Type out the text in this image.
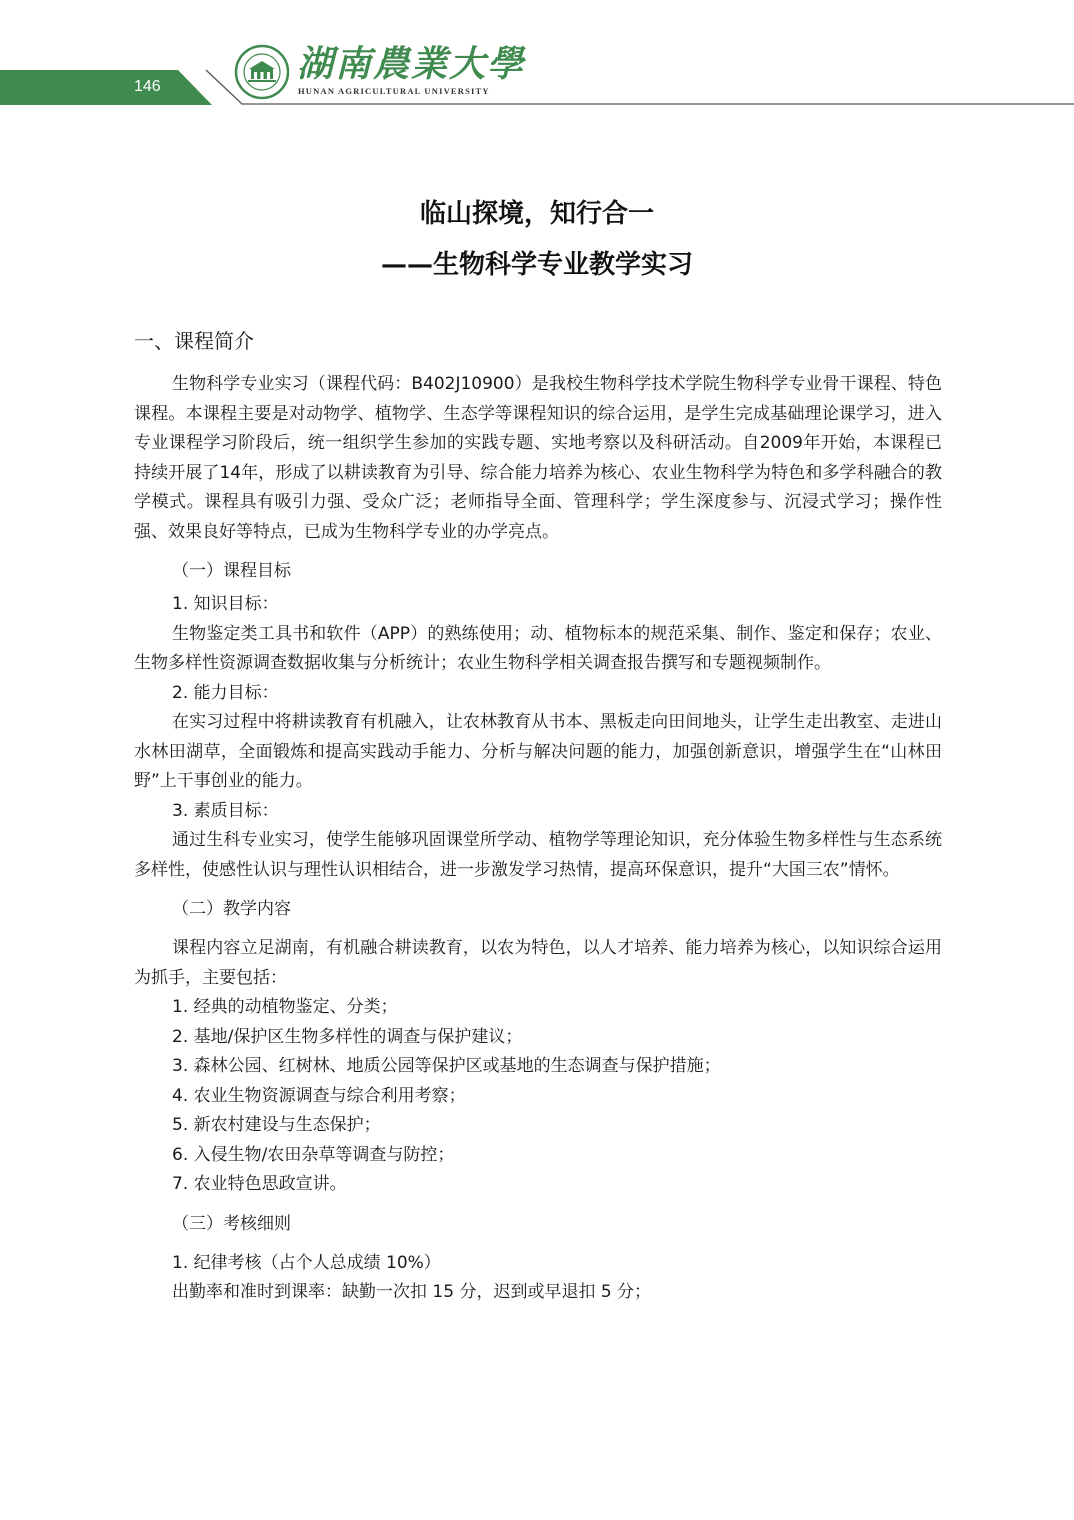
146
湖南農業大學
HUNAN AGRICULTURAL UNIVERSITY
临山探境，知行合一
——生物科学专业教学实习
一、课程简介

生物科学专业实习（课程代码：B402J10900）是我校生物科学技术学院生物科学专业骨干课程、特色课程。本课程主要是对动物学、植物学、生态学等课程知识的综合运用，是学生完成基础理论课学习，进入专业课程学习阶段后，统一组织学生参加的实践专题、实地考察以及科研活动。自2009年开始，本课程已持续开展了14年，形成了以耕读教育为引导、综合能力培养为核心、农业生物科学为特色和多学科融合的教学模式。课程具有吸引力强、受众广泛；老师指导全面、管理科学；学生深度参与、沉浸式学习；操作性强、效果良好等特点，已成为生物科学专业的办学亮点。

（一）课程目标

1. 知识目标：

生物鉴定类工具书和软件（APP）的熟练使用；动、植物标本的规范采集、制作、鉴定和保存；农业、生物多样性资源调查数据收集与分析统计；农业生物科学相关调查报告撰写和专题视频制作。

2. 能力目标：

在实习过程中将耕读教育有机融入，让农林教育从书本、黑板走向田间地头，让学生走出教室、走进山水林田湖草，全面锻炼和提高实践动手能力、分析与解决问题的能力，加强创新意识，增强学生在“山林田野”上干事创业的能力。

3. 素质目标：

通过生科专业实习，使学生能够巩固课堂所学动、植物学等理论知识，充分体验生物多样性与生态系统多样性，使感性认识与理性认识相结合，进一步激发学习热情，提高环保意识，提升“大国三农”情怀。

（二）教学内容

课程内容立足湖南，有机融合耕读教育，以农为特色，以人才培养、能力培养为核心，以知识综合运用为抓手，主要包括：

1. 经典的动植物鉴定、分类；

2. 基地/保护区生物多样性的调查与保护建议；

3. 森林公园、红树林、地质公园等保护区或基地的生态调查与保护措施；

4. 农业生物资源调查与综合利用考察；

5. 新农村建设与生态保护；

6. 入侵生物/农田杂草等调查与防控；

7. 农业特色思政宣讲。

（三）考核细则

1. 纪律考核（占个人总成绩 10%）

出勤率和准时到课率：缺勤一次扣 15 分，迟到或早退扣 5 分；
